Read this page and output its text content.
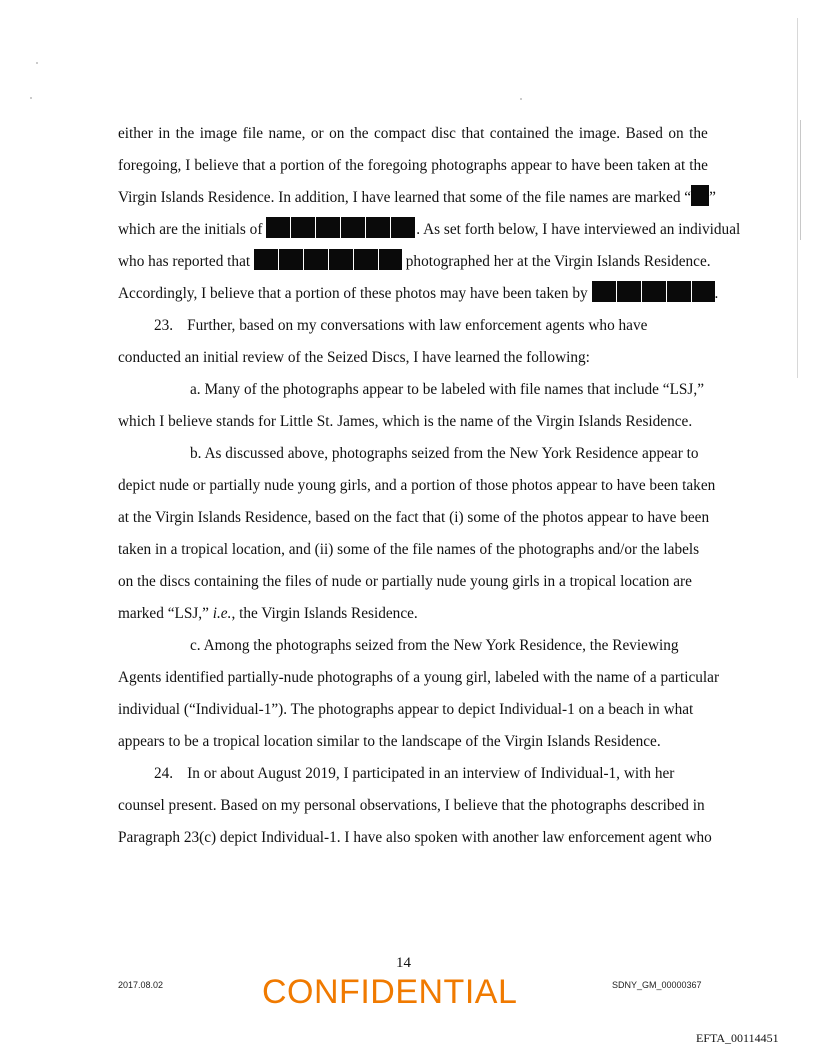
either in the image file name, or on the compact disc that contained the image. Based on the
foregoing, I believe that a portion of the foregoing photographs appear to have been taken at the
Virgin Islands Residence. In addition, I have learned that some of the file names are marked “ ”
which are the initials of	. As set forth below, I have interviewed an individual
who has reported that	photographed her at the Virgin Islands Residence.
Accordingly, I believe that a portion of these photos may have been taken by	.
23. Further, based on my conversations with law enforcement agents who have
conducted an initial review of the Seized Discs, I have learned the following:
a. Many of the photographs appear to be labeled with file names that include “LSJ,”
which I believe stands for Little St. James, which is the name of the Virgin Islands Residence.
b. As discussed above, photographs seized from the New York Residence appear to
depict nude or partially nude young girls, and a portion of those photos appear to have been taken
at the Virgin Islands Residence, based on the fact that (i) some of the photos appear to have been
taken in a tropical location, and (ii) some of the file names of the photographs and/or the labels
on the discs containing the files of nude or partially nude young girls in a tropical location are
marked “LSJ,” i.e., the Virgin Islands Residence.
c. Among the photographs seized from the New York Residence, the Reviewing
Agents identified partially-nude photographs of a young girl, labeled with the name of a particular
individual (“Individual-1”). The photographs appear to depict Individual-1 on a beach in what
appears to be a tropical location similar to the landscape of the Virgin Islands Residence.
24. In or about August 2019, I participated in an interview of Individual-1, with her
counsel present. Based on my personal observations, I believe that the photographs described in
Paragraph 23(c) depict Individual-1. I have also spoken with another law enforcement agent who
14
2017.08.02	CONFIDENTIAL	SDNY_GM_00000367
EFTA_00114451
